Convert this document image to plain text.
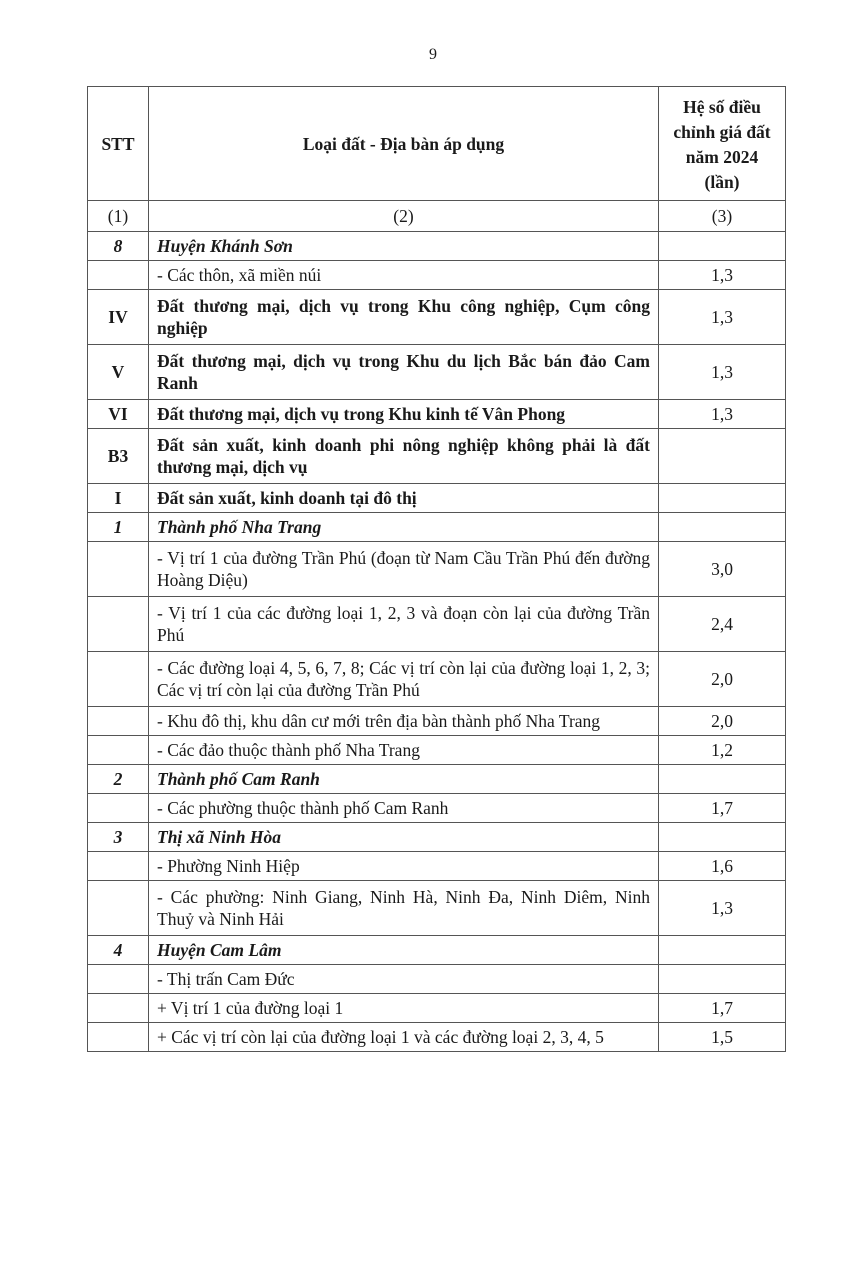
9
STT	Loại đất - Địa bàn áp dụng	Hệ số điều chỉnh giá đất năm 2024 (lần)
(1)	(2)	(3)
8	Huyện Khánh Sơn	
	- Các thôn, xã miền núi	1,3
IV	Đất thương mại, dịch vụ trong Khu công nghiệp, Cụm công nghiệp	1,3
V	Đất thương mại, dịch vụ trong Khu du lịch Bắc bán đảo Cam Ranh	1,3
VI	Đất thương mại, dịch vụ trong Khu kinh tế Vân Phong	1,3
B3	Đất sản xuất, kinh doanh phi nông nghiệp không phải là đất thương mại, dịch vụ	
I	Đất sản xuất, kinh doanh tại đô thị	
1	Thành phố Nha Trang	
	- Vị trí 1 của đường Trần Phú (đoạn từ Nam Cầu Trần Phú đến đường Hoàng Diệu)	3,0
	- Vị trí 1 của các đường loại 1, 2, 3 và đoạn còn lại của đường Trần Phú	2,4
	- Các đường loại 4, 5, 6, 7, 8; Các vị trí còn lại của đường loại 1, 2, 3; Các vị trí còn lại của đường Trần Phú	2,0
	- Khu đô thị, khu dân cư mới trên địa bàn thành phố Nha Trang	2,0
	- Các đảo thuộc thành phố Nha Trang	1,2
2	Thành phố Cam Ranh	
	- Các phường thuộc thành phố Cam Ranh	1,7
3	Thị xã Ninh Hòa	
	- Phường Ninh Hiệp	1,6
	- Các phường: Ninh Giang, Ninh Hà, Ninh Đa, Ninh Diêm, Ninh Thuỷ và Ninh Hải	1,3
4	Huyện Cam Lâm	
	- Thị trấn Cam Đức	
	+ Vị trí 1 của đường loại 1	1,7
	+ Các vị trí còn lại của đường loại 1 và các đường loại 2, 3, 4, 5	1,5
